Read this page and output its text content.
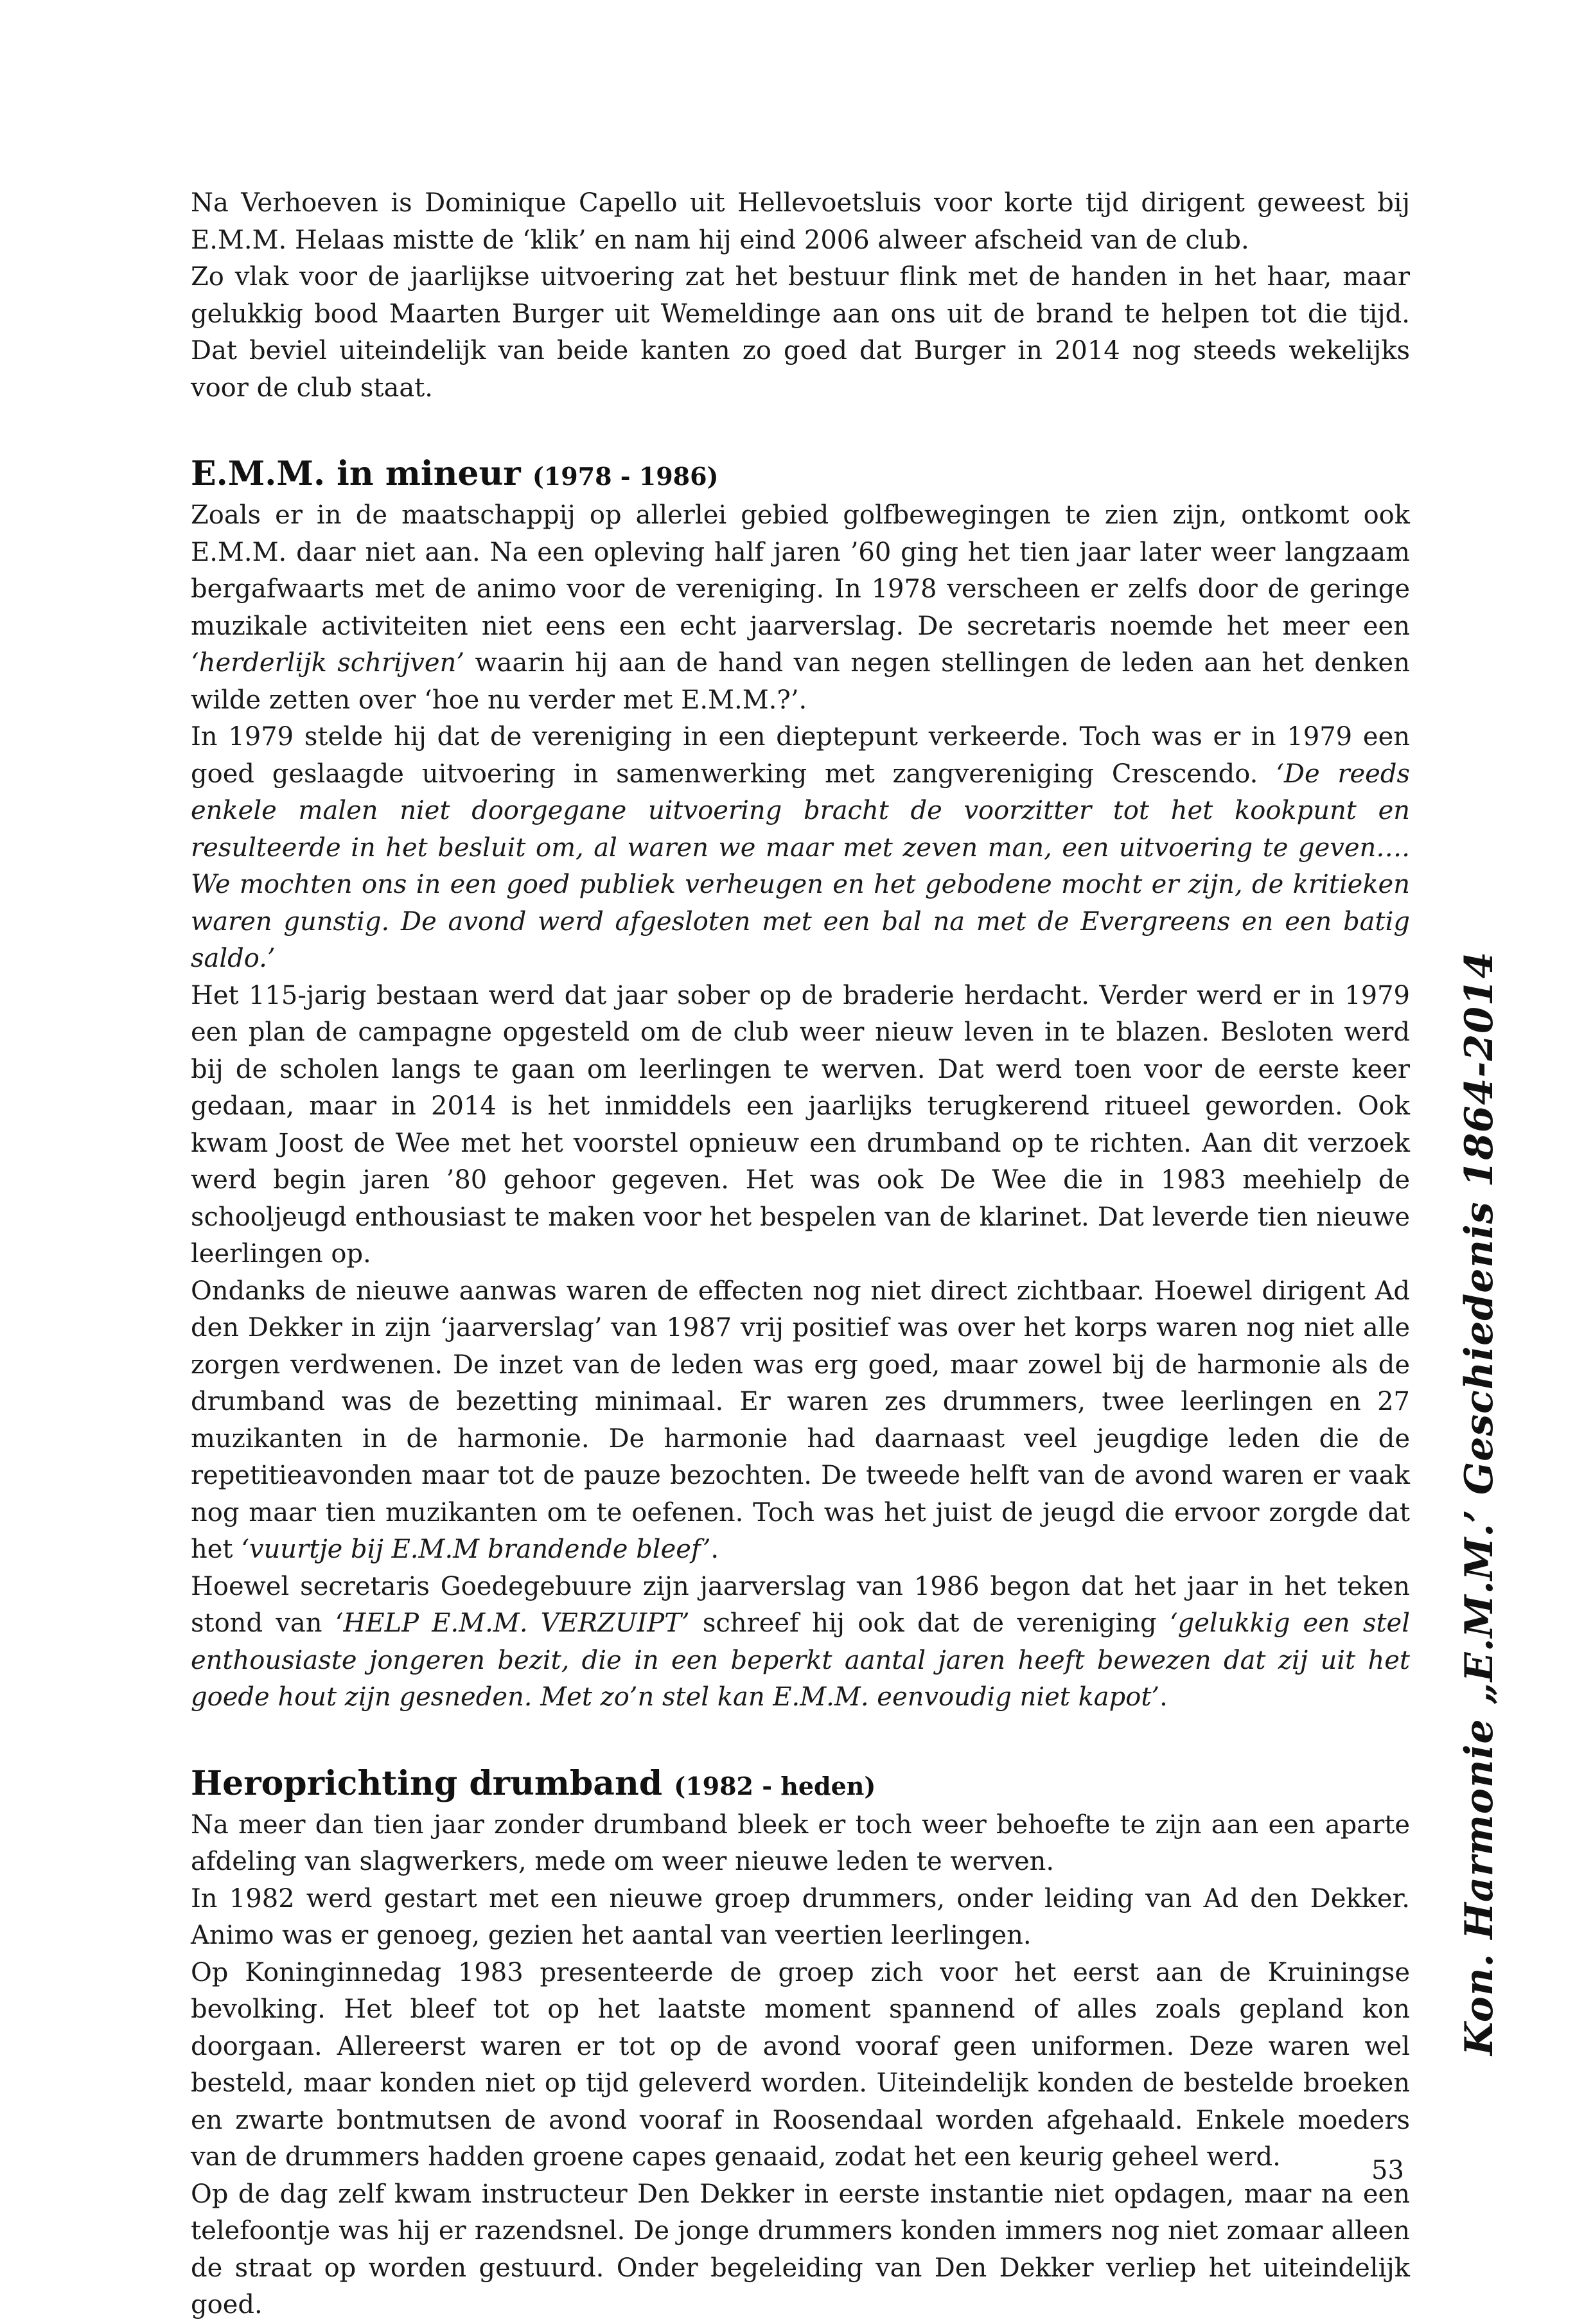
Na Verhoeven is Dominique Capello uit Hellevoetsluis voor korte tijd dirigent geweest bij E.M.M. Helaas mistte de ‘klik’ en nam hij eind 2006 alweer afscheid van de club.

Zo vlak voor de jaarlijkse uitvoering zat het bestuur flink met de handen in het haar, maar gelukkig bood Maarten Burger uit Wemeldinge aan ons uit de brand te helpen tot die tijd. Dat beviel uiteindelijk van beide kanten zo goed dat Burger in 2014 nog steeds wekelijks voor de club staat.

E.M.M. in mineur (1978 - 1986)

Zoals er in de maatschappij op allerlei gebied golfbewegingen te zien zijn, ontkomt ook E.M.M. daar niet aan. Na een opleving half jaren ’60 ging het tien jaar later weer langzaam bergafwaarts met de animo voor de vereniging. In 1978 verscheen er zelfs door de geringe muzikale activiteiten niet eens een echt jaarverslag. De secretaris noemde het meer een ‘herderlijk schrijven’ waarin hij aan de hand van negen stellingen de leden aan het denken wilde zetten over ‘hoe nu verder met E.M.M.?’.

In 1979 stelde hij dat de vereniging in een dieptepunt verkeerde. Toch was er in 1979 een goed geslaagde uitvoering in samenwerking met zangvereniging Crescendo. ‘De reeds enkele malen niet doorgegane uitvoering bracht de voorzitter tot het kookpunt en resulteerde in het besluit om, al waren we maar met zeven man, een uitvoering te geven…. We mochten ons in een goed publiek verheugen en het gebodene mocht er zijn, de kritieken waren gunstig. De avond werd afgesloten met een bal na met de Evergreens en een batig saldo.’

Het 115-jarig bestaan werd dat jaar sober op de braderie herdacht. Verder werd er in 1979 een plan de campagne opgesteld om de club weer nieuw leven in te blazen. Besloten werd bij de scholen langs te gaan om leerlingen te werven. Dat werd toen voor de eerste keer gedaan, maar in 2014 is het inmiddels een jaarlijks terugkerend ritueel geworden. Ook kwam Joost de Wee met het voorstel opnieuw een drumband op te richten. Aan dit verzoek werd begin jaren ’80 gehoor gegeven. Het was ook De Wee die in 1983 meehielp de schooljeugd enthousiast te maken voor het bespelen van de klarinet. Dat leverde tien nieuwe leerlingen op.

Ondanks de nieuwe aanwas waren de effecten nog niet direct zichtbaar. Hoewel dirigent Ad den Dekker in zijn ‘jaarverslag’ van 1987 vrij positief was over het korps waren nog niet alle zorgen verdwenen. De inzet van de leden was erg goed, maar zowel bij de harmonie als de drumband was de bezetting minimaal. Er waren zes drummers, twee leerlingen en 27 muzikanten in de harmonie. De harmonie had daarnaast veel jeugdige leden die de repetitieavonden maar tot de pauze bezochten. De tweede helft van de avond waren er vaak nog maar tien muzikanten om te oefenen. Toch was het juist de jeugd die ervoor zorgde dat het ‘vuurtje bij E.M.M brandende bleef’.

Hoewel secretaris Goedegebuure zijn jaarverslag van 1986 begon dat het jaar in het teken stond van ‘HELP E.M.M. VERZUIPT’ schreef hij ook dat de vereniging ‘gelukkig een stel enthousiaste jongeren bezit, die in een beperkt aantal jaren heeft bewezen dat zij uit het goede hout zijn gesneden. Met zo’n stel kan E.M.M. eenvoudig niet kapot’.

Heroprichting drumband (1982 - heden)

Na meer dan tien jaar zonder drumband bleek er toch weer behoefte te zijn aan een aparte afdeling van slagwerkers, mede om weer nieuwe leden te werven.

In 1982 werd gestart met een nieuwe groep drummers, onder leiding van Ad den Dekker. Animo was er genoeg, gezien het aantal van veertien leerlingen.

Op Koninginnedag 1983 presenteerde de groep zich voor het eerst aan de Kruiningse bevolking. Het bleef tot op het laatste moment spannend of alles zoals gepland kon doorgaan. Allereerst waren er tot op de avond vooraf geen uniformen. Deze waren wel besteld, maar konden niet op tijd geleverd worden. Uiteindelijk konden de bestelde broeken en zwarte bontmutsen de avond vooraf in Roosendaal worden afgehaald. Enkele moeders van de drummers hadden groene capes genaaid, zodat het een keurig geheel werd.

Op de dag zelf kwam instructeur Den Dekker in eerste instantie niet opdagen, maar na een telefoontje was hij er razendsnel. De jonge drummers konden immers nog niet zomaar alleen de straat op worden gestuurd. Onder begeleiding van Den Dekker verliep het uiteindelijk goed.

Kon. Harmonie „E.M.M.’ Geschiedenis 1864-2014
53
